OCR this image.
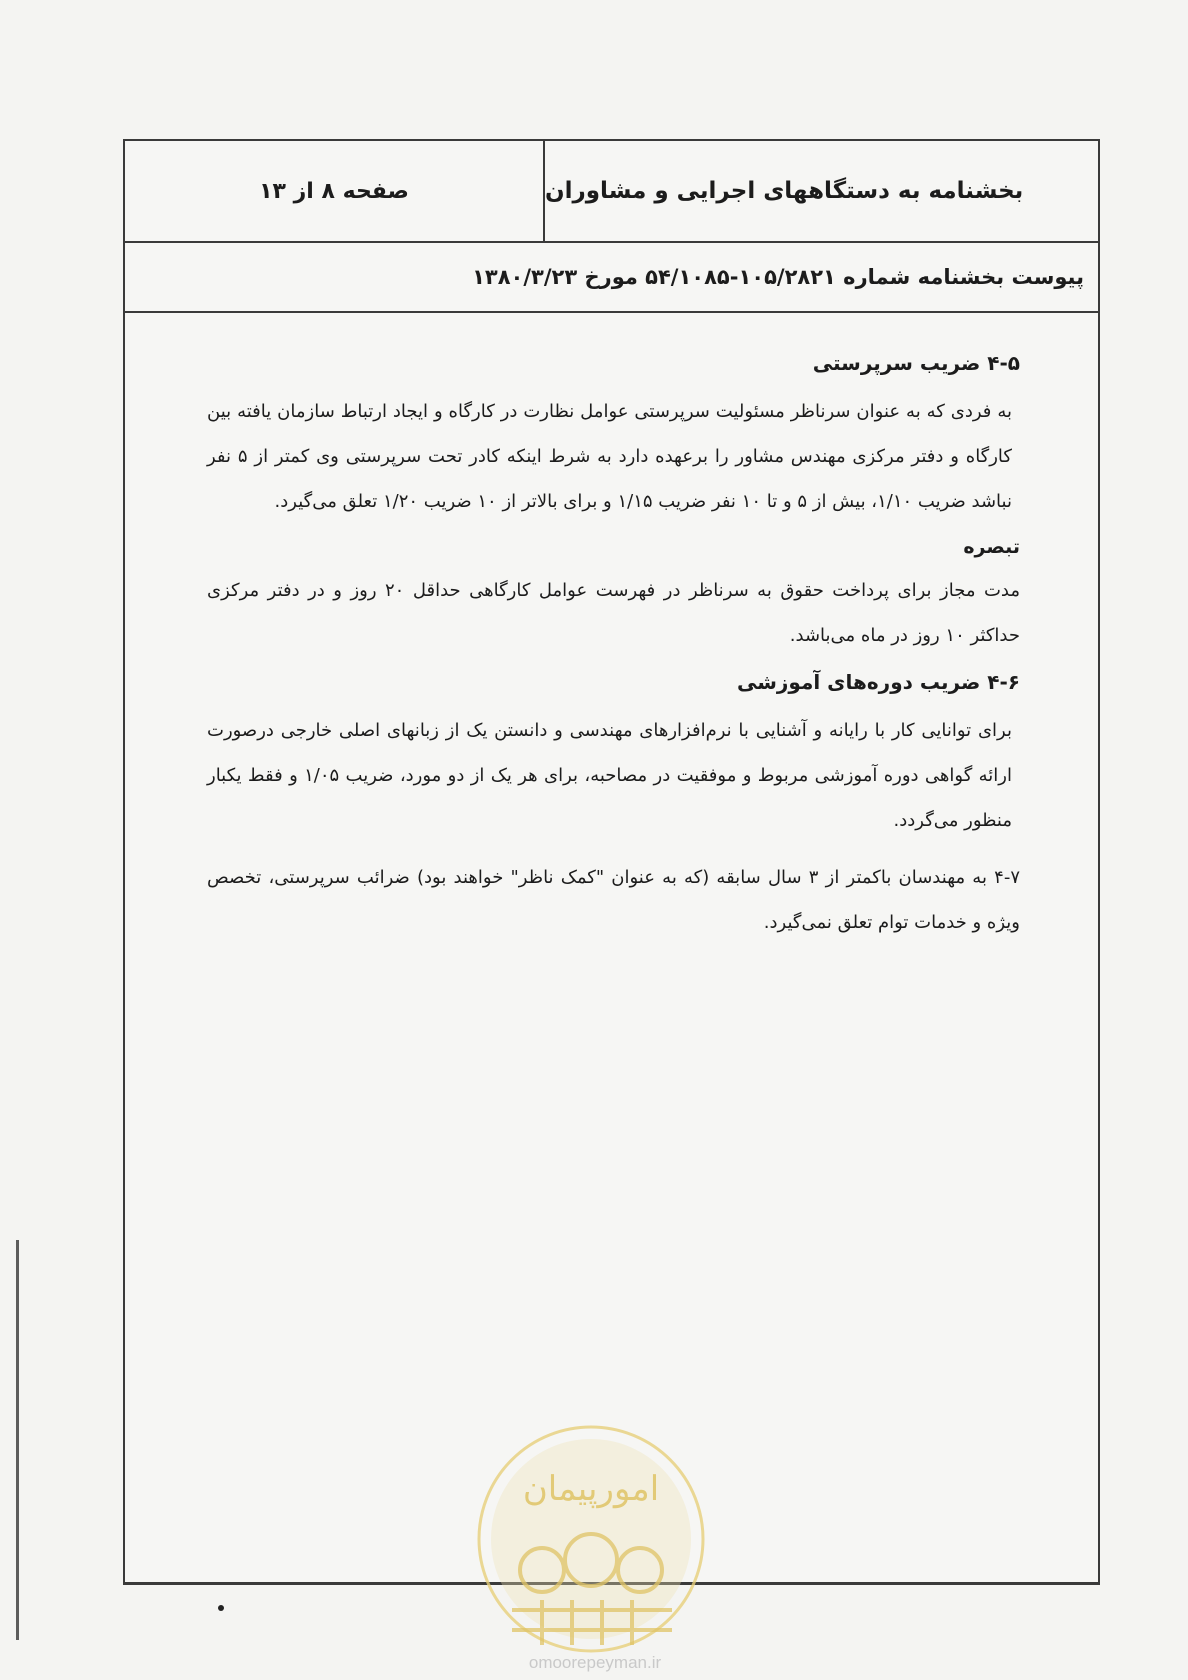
صفحه ۸ از ۱۳	بخشنامه به دستگاههای اجرایی و مشاوران
پیوست بخشنامه شماره ۱۰۵/۲۸۲۱-۵۴/۱۰۸۵ مورخ ۱۳۸۰/۳/۲۳
۴-۵ ضریب سرپرستی

به فردی که به عنوان سرناظر مسئولیت سرپرستی عوامل نظارت در کارگاه و ایجاد ارتباط سازمان یافته بین کارگاه و دفتر مرکزی مهندس مشاور را برعهده دارد به شرط اینکه کادر تحت سرپرستی وی کمتر از ۵ نفر نباشد ضریب ۱/۱۰، بیش از ۵ و تا ۱۰ نفر ضریب ۱/۱۵ و برای بالاتر از ۱۰ ضریب ۱/۲۰ تعلق می‌گیرد.

تبصره

مدت مجاز برای پرداخت حقوق به سرناظر در فهرست عوامل کارگاهی حداقل ۲۰ روز و در دفتر مرکزی حداکثر ۱۰ روز در ماه می‌باشد.

۴-۶ ضریب دوره‌های آموزشی

برای توانایی کار با رایانه و آشنایی با نرم‌افزارهای مهندسی و دانستن یک از زبانهای اصلی خارجی درصورت ارائه گواهی دوره آموزشی مربوط و موفقیت در مصاحبه، برای هر یک از دو مورد، ضریب ۱/۰۵ و فقط یکبار منظور می‌گردد.

۴-۷ به مهندسان باکمتر از ۳ سال سابقه (که به عنوان "کمک ناظر" خواهند بود) ضرائب سرپرستی، تخصص ویژه و خدمات توام تعلق نمی‌گیرد.

امورپیمان
omoorepeyman.ir
